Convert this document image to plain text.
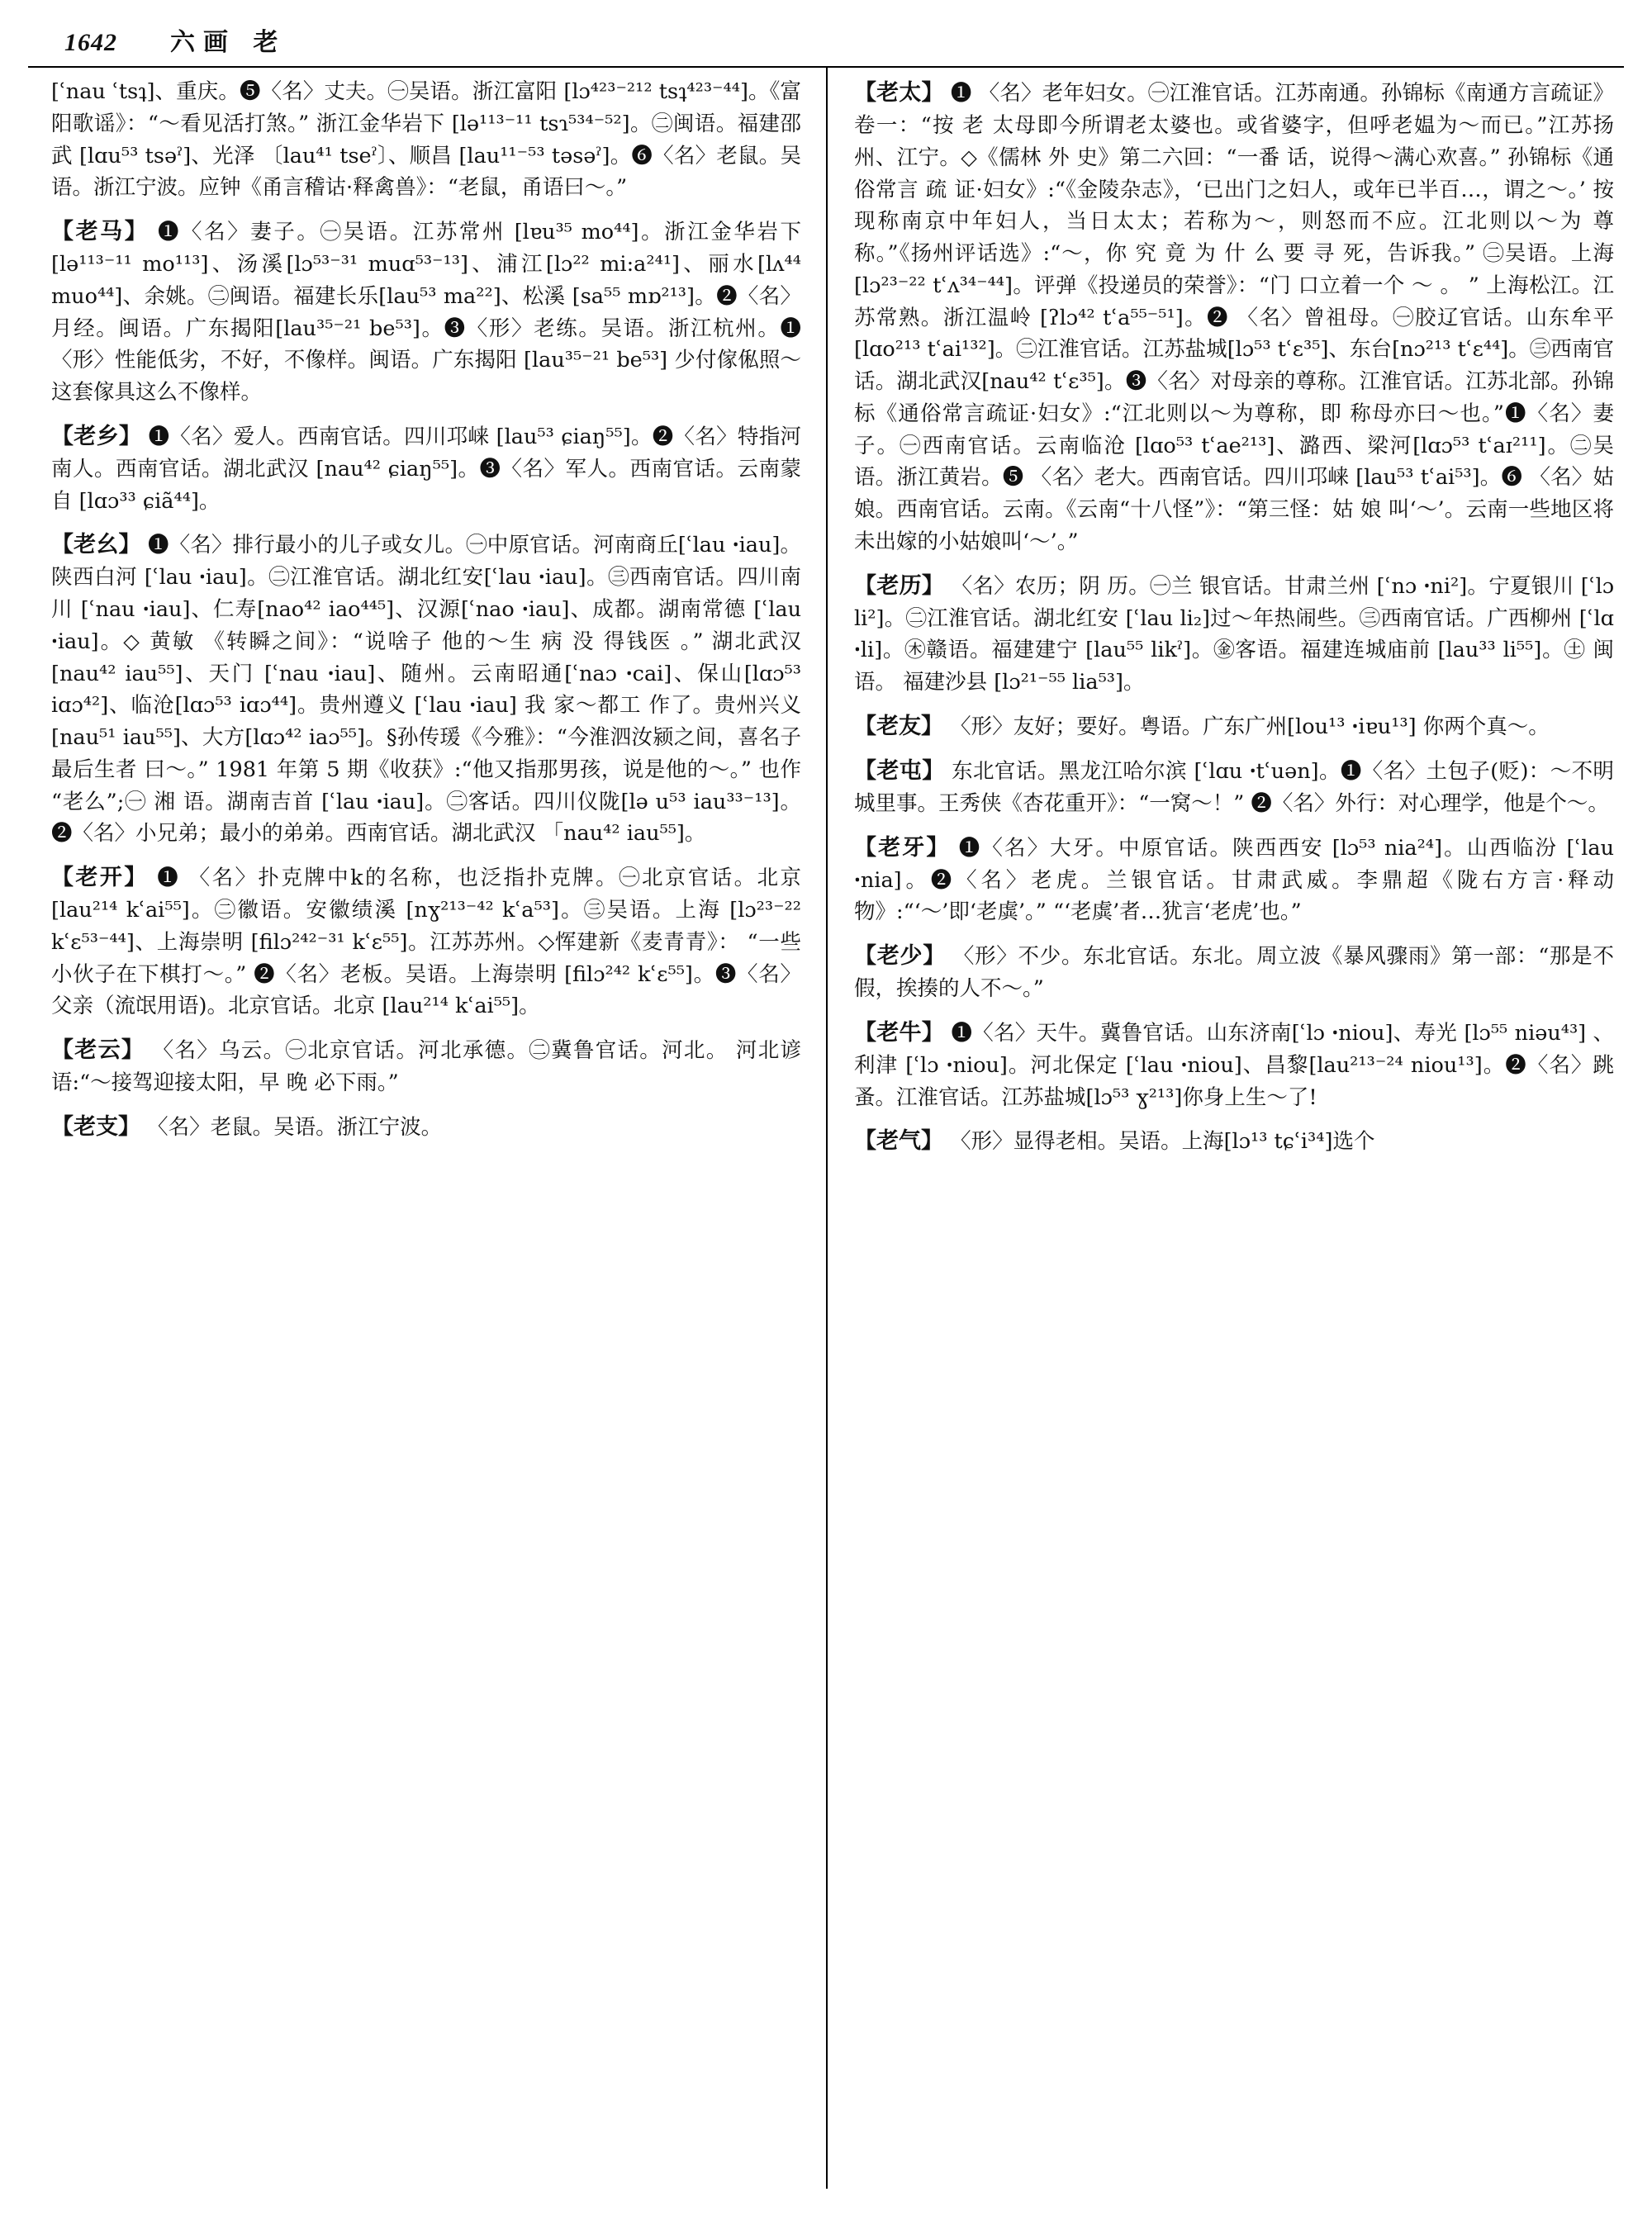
1642 六画 老
[ʿnau ʿtsʇ]、重庆。❺〈名〉丈夫。㊀吴语。浙江富阳 [lɔ⁴²³⁻²¹² tsʇ⁴²³⁻⁴⁴]。《富阳歌谣》：“～看见活打煞。” 浙江金华岩下 [lə¹¹³⁻¹¹ tsɿ⁵³⁴⁻⁵²]。㊁闽语。福建邵武 [lɑu⁵³ tsəˀ]、光泽 〔lau⁴¹ tseˀ〕、顺昌 [lau¹¹⁻⁵³ təsəˀ]。❻〈名〉老鼠。吴语。浙江宁波。应钟《甬言稽诂·释禽兽》：“老鼠，甬语曰～。”
【老马】 ❶〈名〉妻子。㊀吴语。江苏常州 [lɐu³⁵ mo⁴⁴]。浙江金华岩下[lə¹¹³⁻¹¹ mo¹¹³]、汤溪[lɔ⁵³⁻³¹ muɑ⁵³⁻¹³]、浦江[lɔ²² mi:a²⁴¹]、丽水[lʌ⁴⁴ muo⁴⁴]、余姚。㊁闽语。福建长乐[lau⁵³ ma²²]、松溪 [sa⁵⁵ mɒ²¹³]。❷〈名〉月经。闽语。广东揭阳[lau³⁵⁻²¹ be⁵³]。❸〈形〉老练。吴语。浙江杭州。❶〈形〉性能低劣，不好，不像样。闽语。广东揭阳 [lau³⁵⁻²¹ be⁵³] 少付傢俬照～这套傢具这么不像样。
【老乡】 ❶〈名〉爱人。西南官话。四川邛崃 [lau⁵³ ɕiaŋ⁵⁵]。❷〈名〉特指河南人。西南官话。湖北武汉 [nau⁴² ɕiaŋ⁵⁵]。❸〈名〉军人。西南官话。云南蒙自 [lɑɔ³³ ɕiã⁴⁴]。
【老幺】 ❶〈名〉排行最小的儿子或女儿。㊀中原官话。河南商丘[ʿlau ꞏiau]。陕西白河 [ʿlau ꞏiau]。㊁江淮官话。湖北红安[ʿlau ꞏiau]。㊂西南官话。四川南川 [ʿnau ꞏiau]、仁寿[nao⁴² iao⁴⁴⁵]、汉源[ʿnao ꞏiau]、成都。湖南常德 [ʿlau ꞏiau]。◇ 黄敏 《转瞬之间》：“说啥子 他的～生 病 没 得钱医 。” 湖北武汉[nau⁴² iau⁵⁵]、天门 [ʿnau ꞏiau]、随州。云南昭通[ʿnaɔ ꞏcai]、保山[lɑɔ⁵³ iɑɔ⁴²]、临沧[lɑɔ⁵³ iɑɔ⁴⁴]。贵州遵义 [ʿlau ꞏiau] 我 家～都工 作了。贵州兴义[nau⁵¹ iau⁵⁵]、大方[lɑɔ⁴² iaɔ⁵⁵]。§孙传瑗《今雅》：“今淮泗汝颍之间，喜名子最后生者 曰～。” 1981 年第 5 期《收获》:“他又指那男孩，说是他的～。” 也作 “老么”;㊀ 湘 语。湖南吉首 [ʿlau ꞏiau]。㊁客话。四川仪陇[lə u⁵³ iau³³⁻¹³]。❷〈名〉小兄弟；最小的弟弟。西南官话。湖北武汉 「nau⁴² iau⁵⁵]。
【老开】 ❶ 〈名〉扑克牌中k的名称，也泛指扑克牌。㊀北京官话。北京 [lau²¹⁴ kʿai⁵⁵]。㊁徽语。安徽绩溪 [nɣ²¹³⁻⁴² kʿa⁵³]。㊂吴语。上海 [lɔ²³⁻²² kʿɛ⁵³⁻⁴⁴]、上海崇明 [filɔ²⁴²⁻³¹ kʿɛ⁵⁵]。江苏苏州。◇恽建新《麦青青》： “一些小伙子在下棋打～。” ❷〈名〉老板。吴语。上海崇明 [filɔ²⁴² kʿɛ⁵⁵]。❸〈名〉父亲（流氓用语)。北京官话。北京 [lau²¹⁴ kʿai⁵⁵]。
【老云】 〈名〉乌云。㊀北京官话。河北承德。㊁冀鲁官话。河北。 河北谚语:“～接驾迎接太阳，早 晚 必下雨。”
【老支】 〈名〉老鼠。吴语。浙江宁波。
【老太】 ❶ 〈名〉老年妇女。㊀江淮官话。江苏南通。孙锦标《南通方言疏证》卷一：“按 老 太母即今所谓老太婆也。或省婆字，但呼老媪为～而已。”江苏扬州、江宁。◇《儒林 外 史》第二六回：“一番 话，说得～满心欢喜。” 孙锦标《通俗常言 疏 证·妇女》:“《金陵杂志》，‘已出门之妇人，或年已半百…，谓之～。’ 按现称南京中年妇人，当日太太；若称为～，则怒而不应。江北则以～为 尊 称。”《扬州评话选》:“～，你 究 竟 为 什 么 要 寻 死，告诉我。” ㊁吴语。上海 [lɔ²³⁻²² tʿʌ³⁴⁻⁴⁴]。评弹《投递员的荣誉》：“门 口立着一个 ～ 。 ” 上海松江。江苏常熟。浙江温岭 [ʔlɔ⁴² tʿa⁵⁵⁻⁵¹]。❷ 〈名〉曾祖母。㊀胶辽官话。山东牟平[lɑo²¹³ tʿai¹³²]。㊁江淮官话。江苏盐城[lɔ⁵³ tʿɛ³⁵]、东台[nɔ²¹³ tʿɛ⁴⁴]。㊂西南官话。湖北武汉[nau⁴² tʿɛ³⁵]。❸〈名〉对母亲的尊称。江淮官话。江苏北部。孙锦标《通俗常言疏证·妇女》:“江北则以～为尊称，即 称母亦曰～也。”❶〈名〉妻子。㊀西南官话。云南临沧 [lɑo⁵³ tʿae²¹³]、潞西、梁河[lɑɔ⁵³ tʿaɪ²¹¹]。㊁吴 语。浙江黄岩。❺ 〈名〉老大。西南官话。四川邛崃 [lau⁵³ tʿai⁵³]。❻ 〈名〉姑娘。西南官话。云南。《云南“十八怪”》：“第三怪：姑 娘 叫‘～’。云南一些地区将未出嫁的小姑娘叫‘～’。”
【老历】 〈名〉农历；阴 历。㊀兰 银官话。甘肃兰州 [ʿnɔ ꞏni²]。宁夏银川 [ʿlɔ li²]。㊁江淮官话。湖北红安 [ʿlau li₂]过～年热闹些。㊂西南官话。广西柳州 [ʿlɑ ꞏli]。㊍赣语。福建建宁 [lau⁵⁵ likˀ]。㊎客语。福建连城庙前 [lau³³ li⁵⁵]。㊏ 闽 语。 福建沙县 [lɔ²¹⁻⁵⁵ lia⁵³]。
【老友】 〈形〉友好；要好。粤语。广东广州[lou¹³ ꞏiɐu¹³] 你两个真～。
【老屯】 东北官话。黑龙江哈尔滨 [ʿlɑu ꞏtʿuən]。❶〈名〉土包子(贬)：～不明城里事。王秀侠《杏花重开》：“一窝～！” ❷〈名〉外行：对心理学，他是个～。
【老牙】 ❶〈名〉大牙。中原官话。陕西西安 [lɔ⁵³ nia²⁴]。山西临汾 [ʿlau ꞏnia]。❷〈名〉老虎。兰银官话。甘肃武威。李鼎超《陇右方言·释动物》:“‘～’即‘老虡’。” “‘老虡’者…犹言‘老虎’也。”
【老少】 〈形〉不少。东北官话。东北。周立波《暴风骤雨》第一部：“那是不假，挨揍的人不～。”
【老牛】 ❶〈名〉天牛。冀鲁官话。山东济南[ʿlɔ ꞏniou]、寿光 [lɔ⁵⁵ niəu⁴³] 、利津 [ʿlɔ ꞏniou]。河北保定 [ʿlau ꞏniou]、昌黎[lau²¹³⁻²⁴ niou¹³]。❷〈名〉跳蚤。江淮官话。江苏盐城[lɔ⁵³ ɣ²¹³]你身上生～了!
【老气】 〈形〉显得老相。吴语。上海[lɔ¹³ tɕʿi³⁴]选个
